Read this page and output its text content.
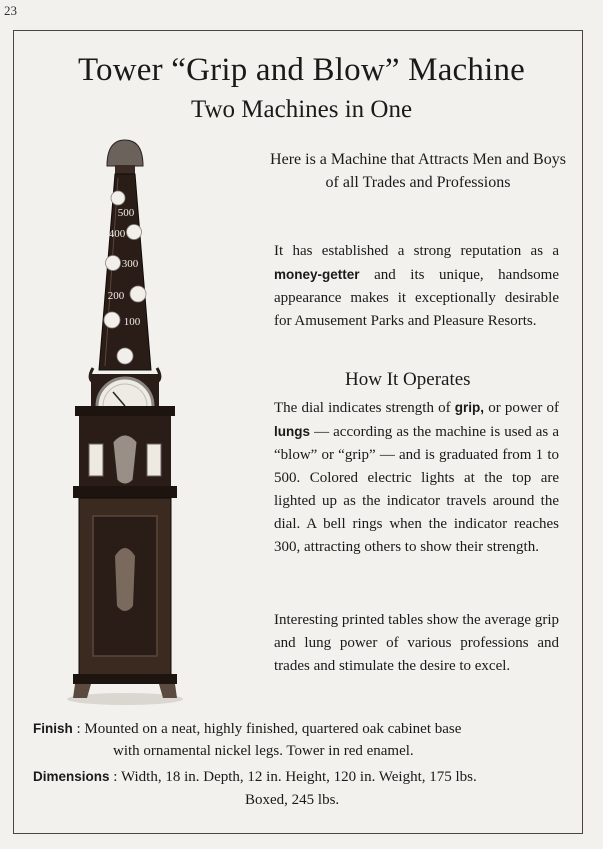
23
Tower “Grip and Blow” Machine
Two Machines in One
Here is a Machine that Attracts Men and Boys of all Trades and Professions
It has established a strong reputation as a money-getter and its unique, handsome appearance makes it exceptionally desirable for Amusement Parks and Pleasure Resorts.
How It Operates
The dial indicates strength of grip, or power of lungs — according as the machine is used as a “blow” or “grip” — and is graduated from 1 to 500. Colored electric lights at the top are lighted up as the indicator travels around the dial. A bell rings when the indicator reaches 300, attracting others to show their strength.
Interesting printed tables show the average grip and lung power of various professions and trades and stimulate the desire to excel.
Finish : Mounted on a neat, highly finished, quartered oak cabinet base
with ornamental nickel legs. Tower in red enamel.
Dimensions : Width, 18 in. Depth, 12 in. Height, 120 in. Weight, 175 lbs.
Boxed, 245 lbs.
500
400
300
200
100
